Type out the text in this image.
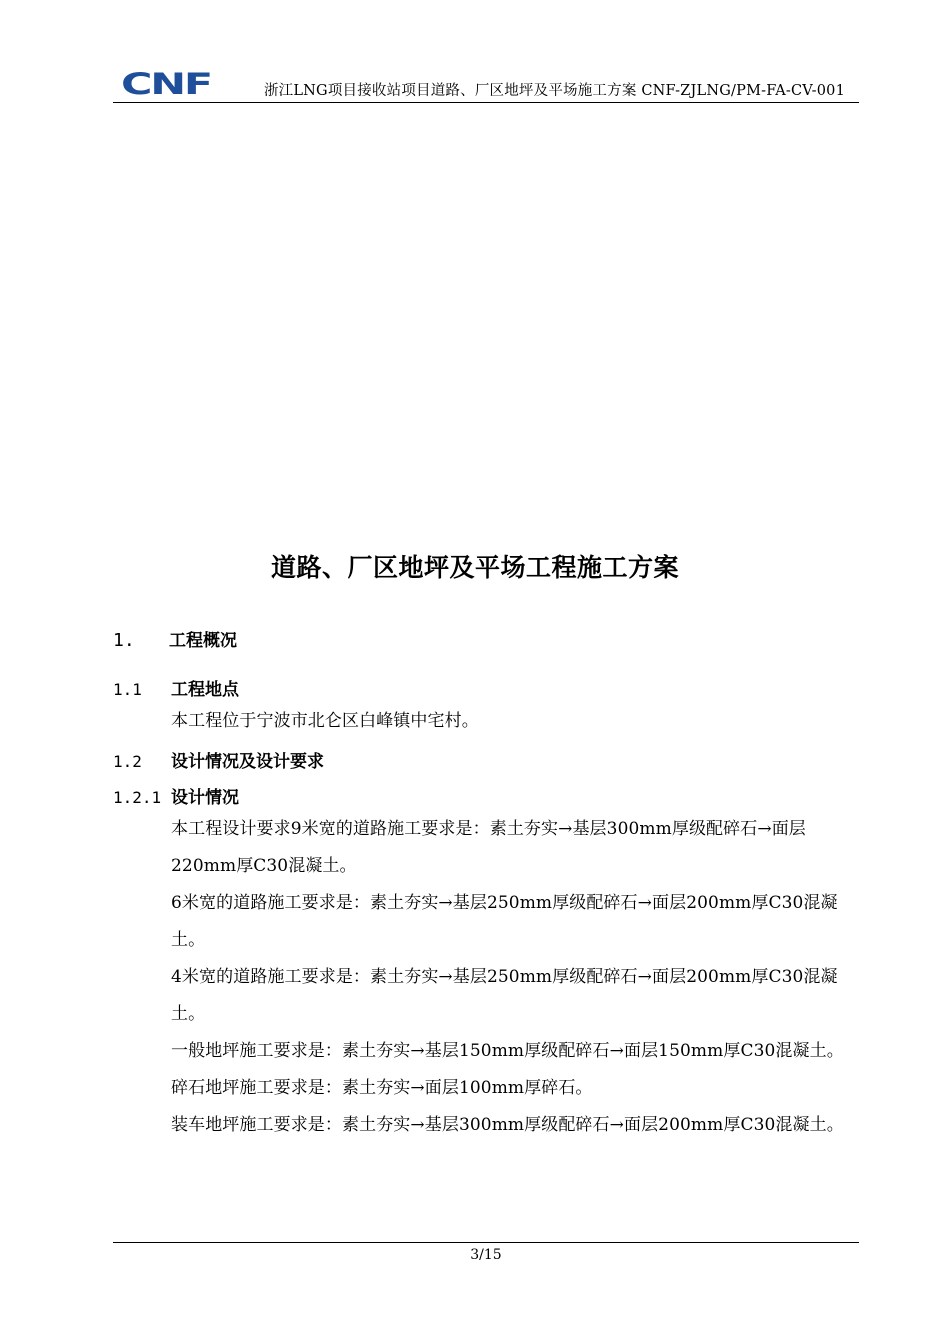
CNF	浙江LNG项目接收站项目道路、厂区地坪及平场施工方案 CNF-ZJLNG/PM-FA-CV-001
道路、厂区地坪及平场工程施工方案
1. 工程概况
1.1 工程地点
本工程位于宁波市北仑区白峰镇中宅村。
1.2 设计情况及设计要求
1.2.1 设计情况

本工程设计要求9米宽的道路施工要求是：素土夯实→基层300mm厚级配碎石→面层220mm厚C30混凝土。

6米宽的道路施工要求是：素土夯实→基层250mm厚级配碎石→面层200mm厚C30混凝土。

4米宽的道路施工要求是：素土夯实→基层250mm厚级配碎石→面层200mm厚C30混凝土。

一般地坪施工要求是：素土夯实→基层150mm厚级配碎石→面层150mm厚C30混凝土。

碎石地坪施工要求是：素土夯实→面层100mm厚碎石。

装车地坪施工要求是：素土夯实→基层300mm厚级配碎石→面层200mm厚C30混凝土。

3/15
